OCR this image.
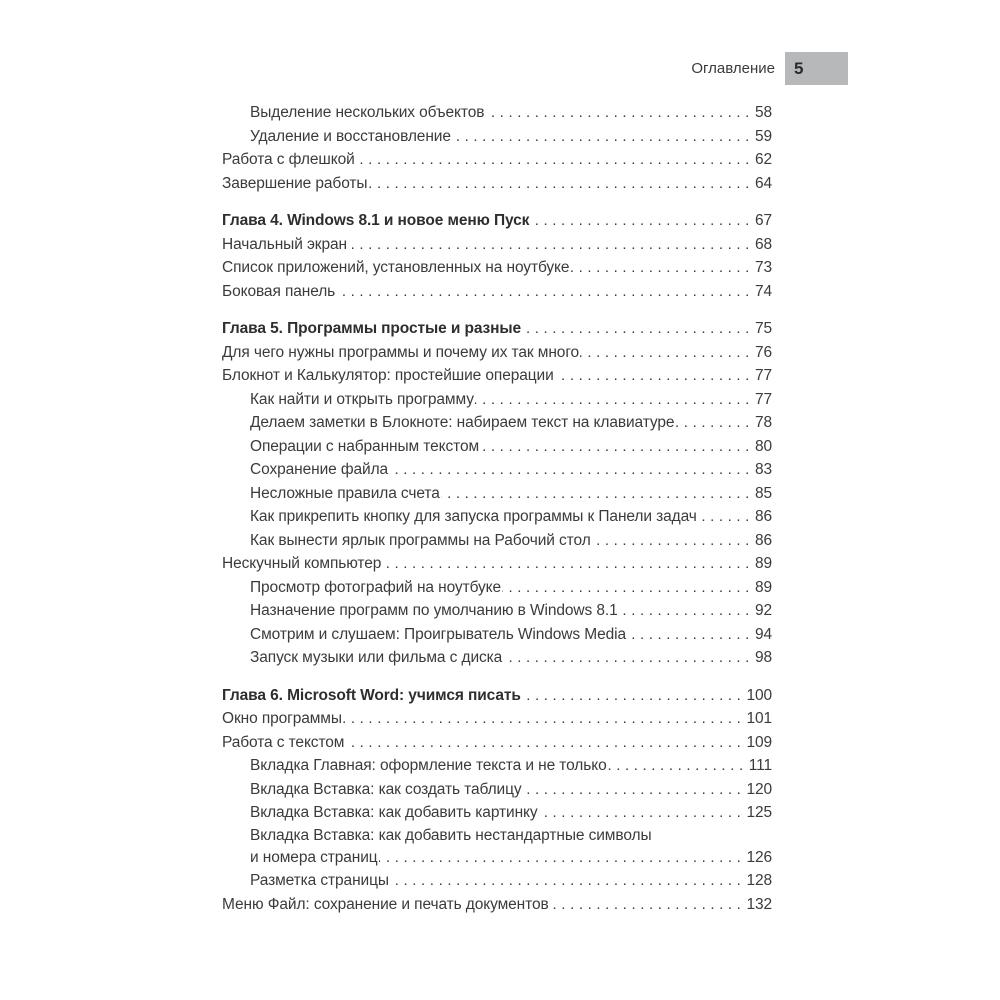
Оглавление	5
Выделение нескольких объектов .....	58
Удаление и восстановление .....	59
Работа с флешкой .....	62
Завершение работы .....	64
Глава 4. Windows 8.1 и новое меню Пуск .....	67
Начальный экран .....	68
Список приложений, установленных на ноутбуке .....	73
Боковая панель .....	74
Глава 5. Программы простые и разные .....	75
Для чего нужны программы и почему их так много .....	76
Блокнот и Калькулятор: простейшие операции .....	77
Как найти и открыть программу .....	77
Делаем заметки в Блокноте: набираем текст на клавиатуре .....	78
Операции с набранным текстом .....	80
Сохранение файла .....	83
Несложные правила счета .....	85
Как прикрепить кнопку для запуска программы к Панели задач .....	86
Как вынести ярлык программы на Рабочий стол .....	86
Нескучный компьютер .....	89
Просмотр фотографий на ноутбуке .....	89
Назначение программ по умолчанию в Windows 8.1 .....	92
Смотрим и слушаем: Проигрыватель Windows Media .....	94
Запуск музыки или фильма с диска .....	98
Глава 6. Microsoft Word: учимся писать .....	100
Окно программы .....	101
Работа с текстом .....	109
Вкладка Главная: оформление текста и не только .....	111
Вкладка Вставка: как создать таблицу .....	120
Вкладка Вставка: как добавить картинку .....	125
Вкладка Вставка: как добавить нестандартные символы
и номера страниц .....	126
Разметка страницы .....	128
Меню Файл: сохранение и печать документов .....	132
